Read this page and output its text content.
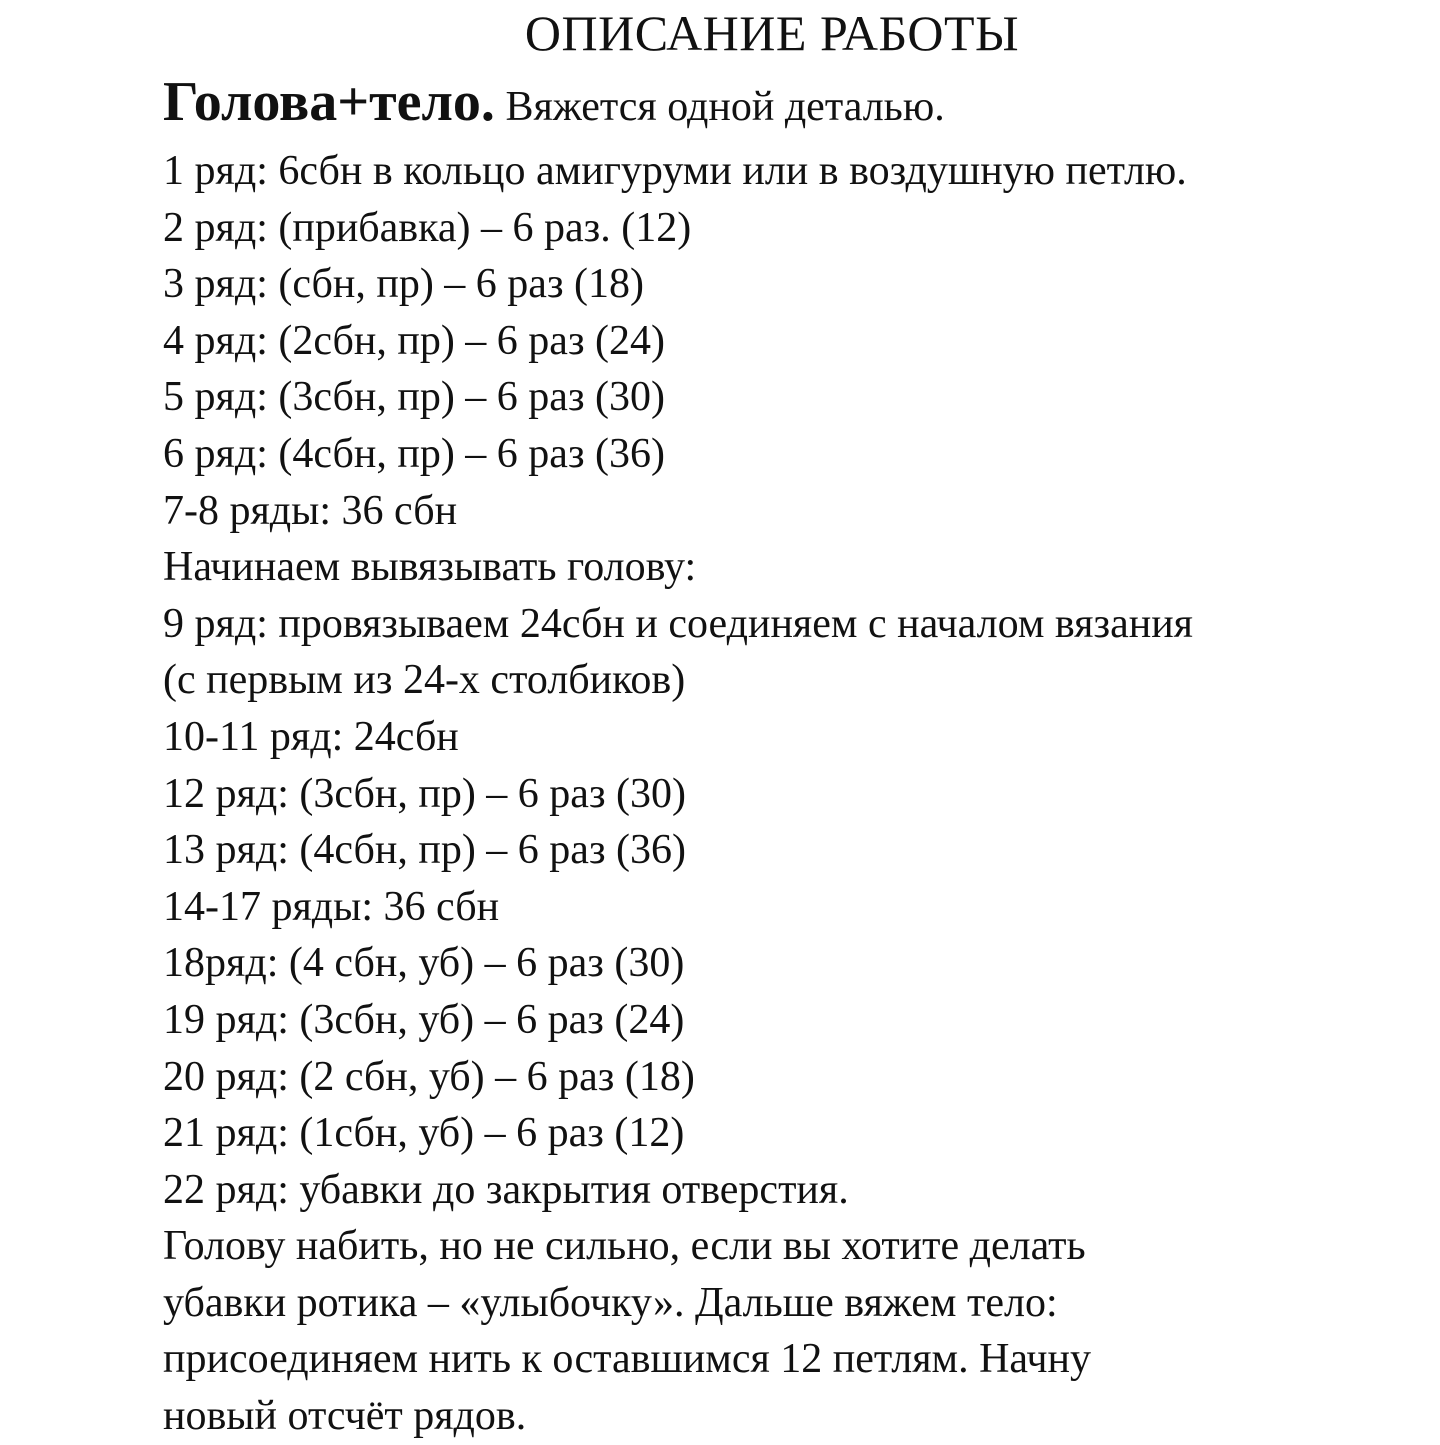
ОПИСАНИЕ РАБОТЫ
Голова+тело. Вяжется одной деталью.
1 ряд: 6сбн в кольцо амигуруми или в воздушную петлю.
2 ряд: (прибавка) – 6 раз. (12)
3 ряд: (сбн, пр) – 6 раз (18)
4 ряд: (2сбн, пр) – 6 раз (24)
5 ряд: (3сбн, пр) – 6 раз (30)
6 ряд: (4сбн, пр) – 6 раз (36)
7-8 ряды: 36 сбн
Начинаем вывязывать голову:
9 ряд: провязываем 24сбн и соединяем с началом вязания
(с первым из 24-х столбиков)
10-11 ряд: 24сбн
12 ряд: (3сбн, пр) – 6 раз (30)
13 ряд: (4сбн, пр) – 6 раз (36)
14-17 ряды: 36 сбн
18ряд: (4 сбн, уб) – 6 раз (30)
19 ряд: (3сбн, уб) – 6 раз (24)
20 ряд: (2 сбн, уб) – 6 раз (18)
21 ряд: (1сбн, уб) – 6 раз (12)
22 ряд: убавки до закрытия отверстия.
Голову набить, но не сильно, если вы хотите делать
убавки ротика – «улыбочку». Дальше вяжем тело:
присоединяем нить к оставшимся 12 петлям. Начну
новый отсчёт рядов.
